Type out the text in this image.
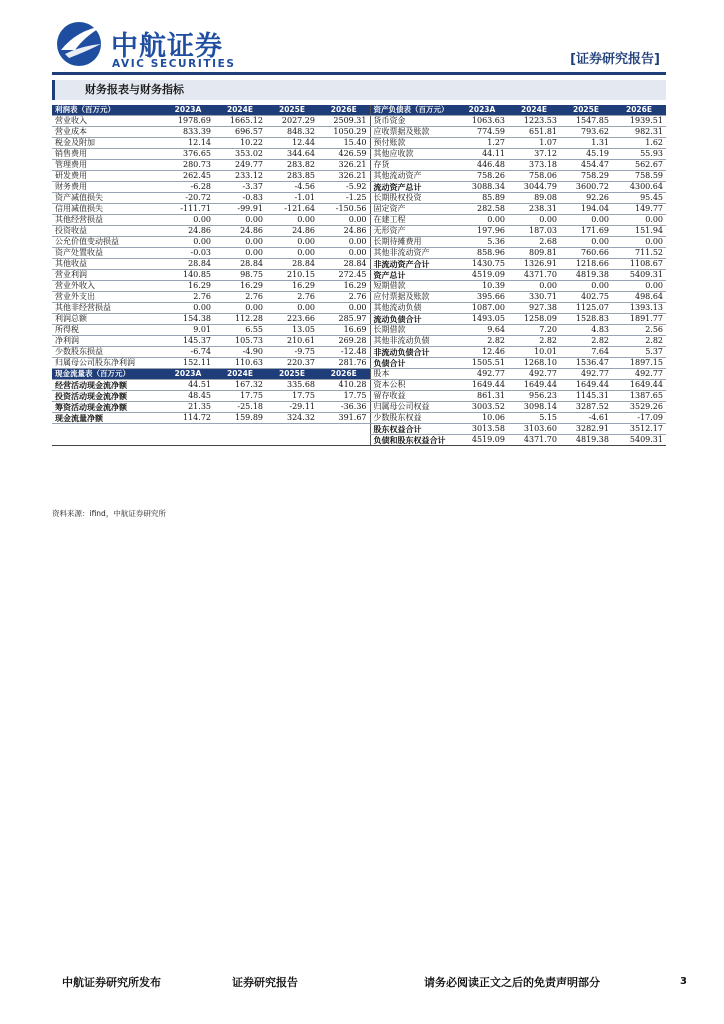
中航证券
AVIC SECURITIES	[证券研究报告]
财务报表与财务指标
利润表（百万元）	2023A	2024E	2025E	2026E	资产负债表（百万元）	2023A	2024E	2025E	2026E
营业收入	1978.69	1665.12	2027.29	2509.31	货币资金	1063.63	1223.53	1547.85	1939.51
营业成本	833.39	696.57	848.32	1050.29	应收票据及账款	774.59	651.81	793.62	982.31
税金及附加	12.14	10.22	12.44	15.40	预付账款	1.27	1.07	1.31	1.62
销售费用	376.65	353.02	344.64	426.59	其他应收款	44.11	37.12	45.19	55.93
管理费用	280.73	249.77	283.82	326.21	存货	446.48	373.18	454.47	562.67
研发费用	262.45	233.12	283.85	326.21	其他流动资产	758.26	758.06	758.29	758.59
财务费用	-6.28	-3.37	-4.56	-5.92	流动资产总计	3088.34	3044.79	3600.72	4300.64
资产减值损失	-20.72	-0.83	-1.01	-1.25	长期股权投资	85.89	89.08	92.26	95.45
信用减值损失	-111.71	-99.91	-121.64	-150.56	固定资产	282.58	238.31	194.04	149.77
其他经营损益	0.00	0.00	0.00	0.00	在建工程	0.00	0.00	0.00	0.00
投资收益	24.86	24.86	24.86	24.86	无形资产	197.96	187.03	171.69	151.94
公允价值变动损益	0.00	0.00	0.00	0.00	长期待摊费用	5.36	2.68	0.00	0.00
资产处置收益	-0.03	0.00	0.00	0.00	其他非流动资产	858.96	809.81	760.66	711.52
其他收益	28.84	28.84	28.84	28.84	非流动资产合计	1430.75	1326.91	1218.66	1108.67
营业利润	140.85	98.75	210.15	272.45	资产总计	4519.09	4371.70	4819.38	5409.31
营业外收入	16.29	16.29	16.29	16.29	短期借款	10.39	0.00	0.00	0.00
营业外支出	2.76	2.76	2.76	2.76	应付票据及账款	395.66	330.71	402.75	498.64
其他非经营损益	0.00	0.00	0.00	0.00	其他流动负债	1087.00	927.38	1125.07	1393.13
利润总额	154.38	112.28	223.66	285.97	流动负债合计	1493.05	1258.09	1528.83	1891.77
所得税	9.01	6.55	13.05	16.69	长期借款	9.64	7.20	4.83	2.56
净利润	145.37	105.73	210.61	269.28	其他非流动负债	2.82	2.82	2.82	2.82
少数股东损益	-6.74	-4.90	-9.75	-12.48	非流动负债合计	12.46	10.01	7.64	5.37
归属母公司股东净利润	152.11	110.63	220.37	281.76	负债合计	1505.51	1268.10	1536.47	1897.15
现金流量表（百万元）	2023A	2024E	2025E	2026E	股本	492.77	492.77	492.77	492.77
经营活动现金流净额	44.51	167.32	335.68	410.28	资本公积	1649.44	1649.44	1649.44	1649.44
投资活动现金流净额	48.45	17.75	17.75	17.75	留存收益	861.31	956.23	1145.31	1387.65
筹资活动现金流净额	21.35	-25.18	-29.11	-36.36	归属母公司权益	3003.52	3098.14	3287.52	3529.26
现金流量净额	114.72	159.89	324.32	391.67	少数股东权益	10.06	5.15	-4.61	-17.09
					股东权益合计	3013.58	3103.60	3282.91	3512.17
					负债和股东权益合计	4519.09	4371.70	4819.38	5409.31
资料来源：ifind，中航证券研究所
中航证券研究所发布	证券研究报告	请务必阅读正文之后的免责声明部分	3
